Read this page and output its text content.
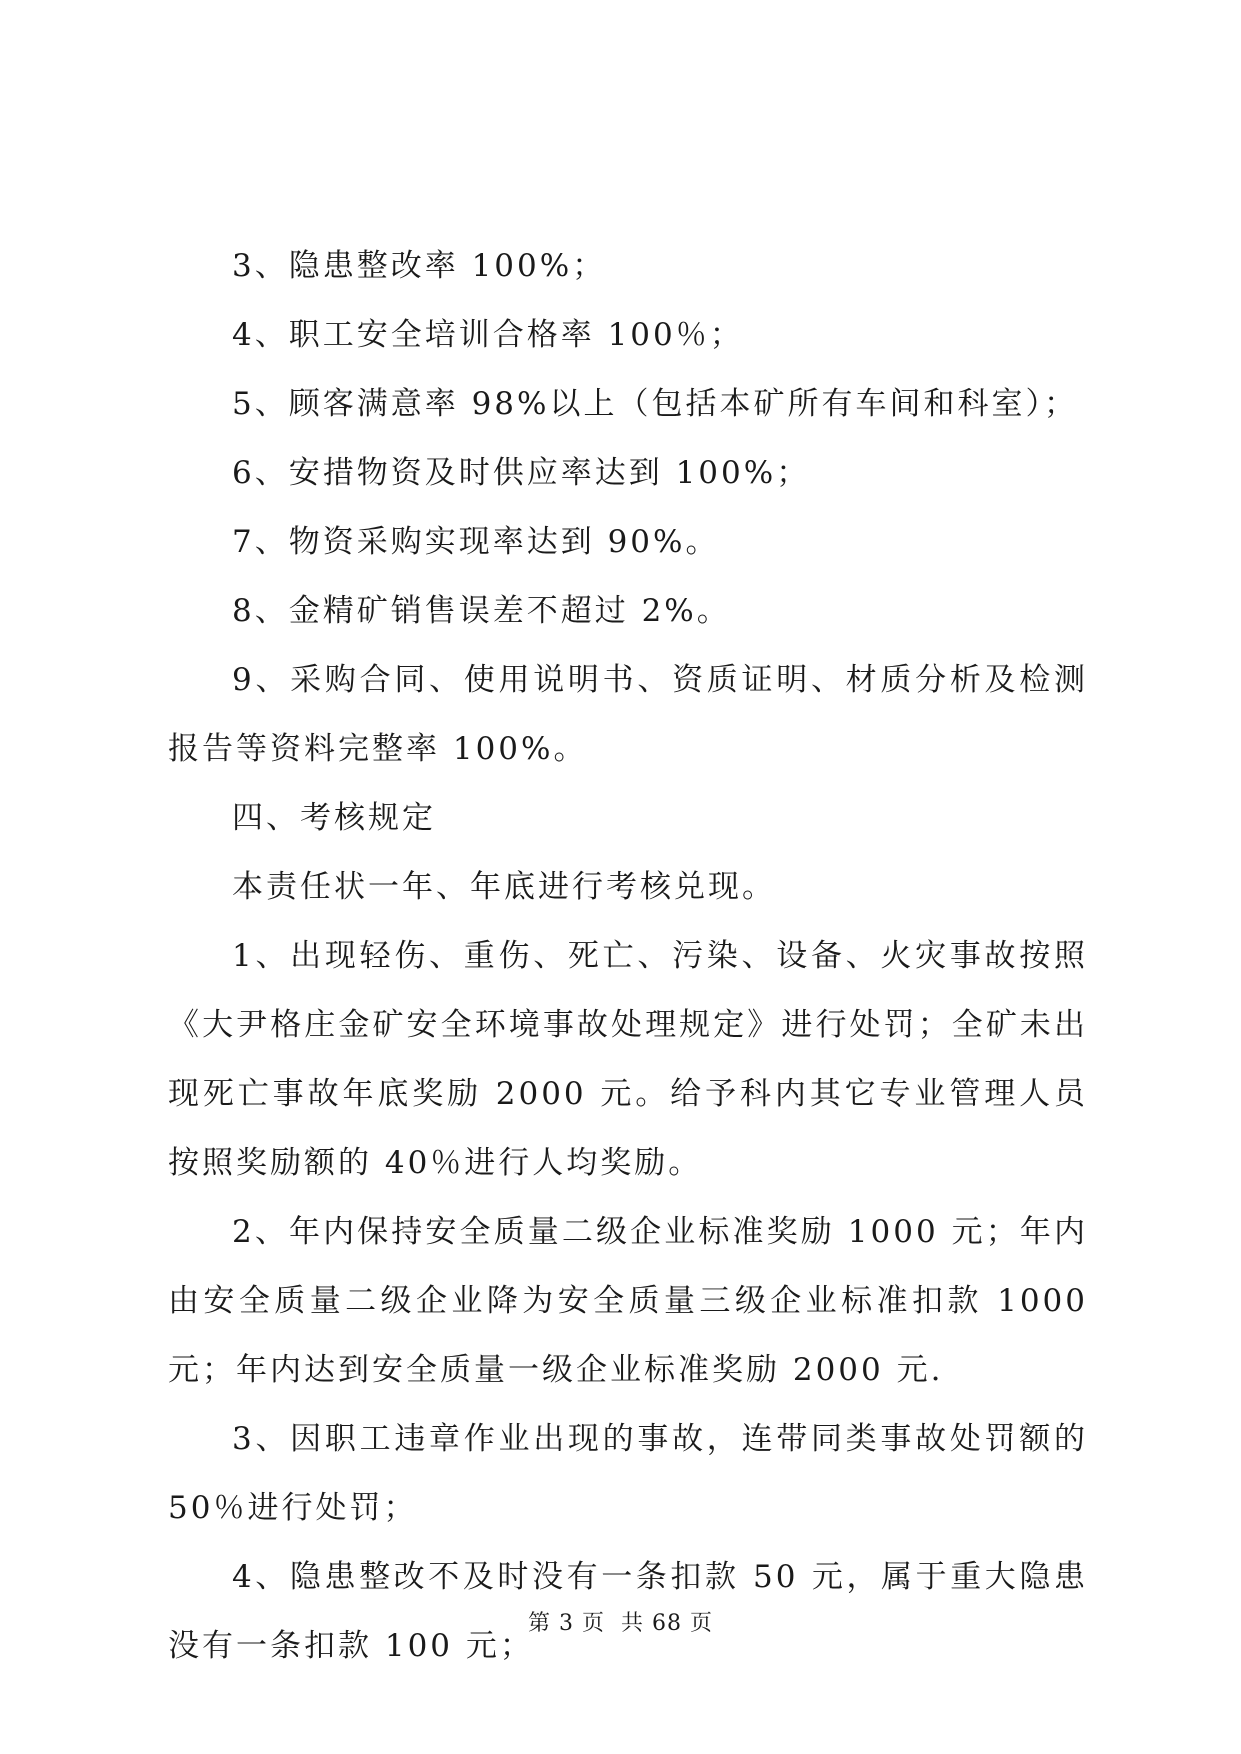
3、隐患整改率 100%；

4、职工安全培训合格率 100％；

5、顾客满意率 98%以上（包括本矿所有车间和科室）；

6、安措物资及时供应率达到 100%；

7、物资采购实现率达到 90%。

8、金精矿销售误差不超过 2%。

9、采购合同、使用说明书、资质证明、材质分析及检测报告等资料完整率 100%。

四、考核规定

本责任状一年、年底进行考核兑现。

1、出现轻伤、重伤、死亡、污染、设备、火灾事故按照《大尹格庄金矿安全环境事故处理规定》进行处罚；全矿未出现死亡事故年底奖励 2000 元。给予科内其它专业管理人员按照奖励额的 40％进行人均奖励。

2、年内保持安全质量二级企业标准奖励 1000 元；年内由安全质量二级企业降为安全质量三级企业标准扣款 1000 元；年内达到安全质量一级企业标准奖励 2000 元.

3、因职工违章作业出现的事故，连带同类事故处罚额的 50％进行处罚；

4、隐患整改不及时没有一条扣款 50 元，属于重大隐患没有一条扣款 100 元；

第 3 页 共 68 页
